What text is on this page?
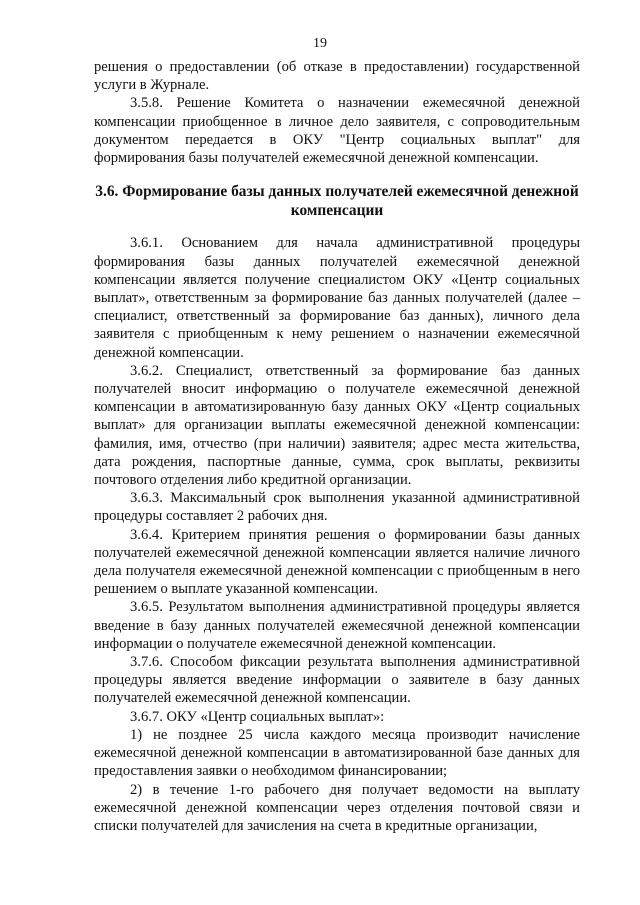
19

решения о предоставлении (об отказе в предоставлении) государственной услуги в Журнале.

3.5.8. Решение Комитета о назначении ежемесячной денежной компенсации приобщенное в личное дело заявителя, с сопроводительным документом передается в ОКУ "Центр социальных выплат" для формирования базы получателей ежемесячной денежной компенсации.

3.6. Формирование базы данных получателей ежемесячной денежной компенсации

3.6.1. Основанием для начала административной процедуры формирования базы данных получателей ежемесячной денежной компенсации является получение специалистом ОКУ «Центр социальных выплат», ответственным за формирование баз данных получателей (далее – специалист, ответственный за формирование баз данных), личного дела заявителя с приобщенным к нему решением о назначении ежемесячной денежной компенсации.

3.6.2. Специалист, ответственный за формирование баз данных получателей вносит информацию о получателе ежемесячной денежной компенсации в автоматизированную базу данных ОКУ «Центр социальных выплат» для организации выплаты ежемесячной денежной компенсации: фамилия, имя, отчество (при наличии) заявителя; адрес места жительства, дата рождения, паспортные данные, сумма, срок выплаты, реквизиты почтового отделения либо кредитной организации.

3.6.3. Максимальный срок выполнения указанной административной процедуры составляет 2 рабочих дня.

3.6.4. Критерием принятия решения о формировании базы данных получателей ежемесячной денежной компенсации является наличие личного дела получателя ежемесячной денежной компенсации с приобщенным в него решением о выплате указанной компенсации.

3.6.5. Результатом выполнения административной процедуры является введение в базу данных получателей ежемесячной денежной компенсации информации о получателе ежемесячной денежной компенсации.

3.7.6. Способом фиксации результата выполнения административной процедуры является введение информации о заявителе в базу данных получателей ежемесячной денежной компенсации.

3.6.7. ОКУ «Центр социальных выплат»:

1) не позднее 25 числа каждого месяца производит начисление ежемесячной денежной компенсации в автоматизированной базе данных для предоставления заявки о необходимом финансировании;

2) в течение 1-го рабочего дня получает ведомости на выплату ежемесячной денежной компенсации через отделения почтовой связи и списки получателей для зачисления на счета в кредитные организации,
